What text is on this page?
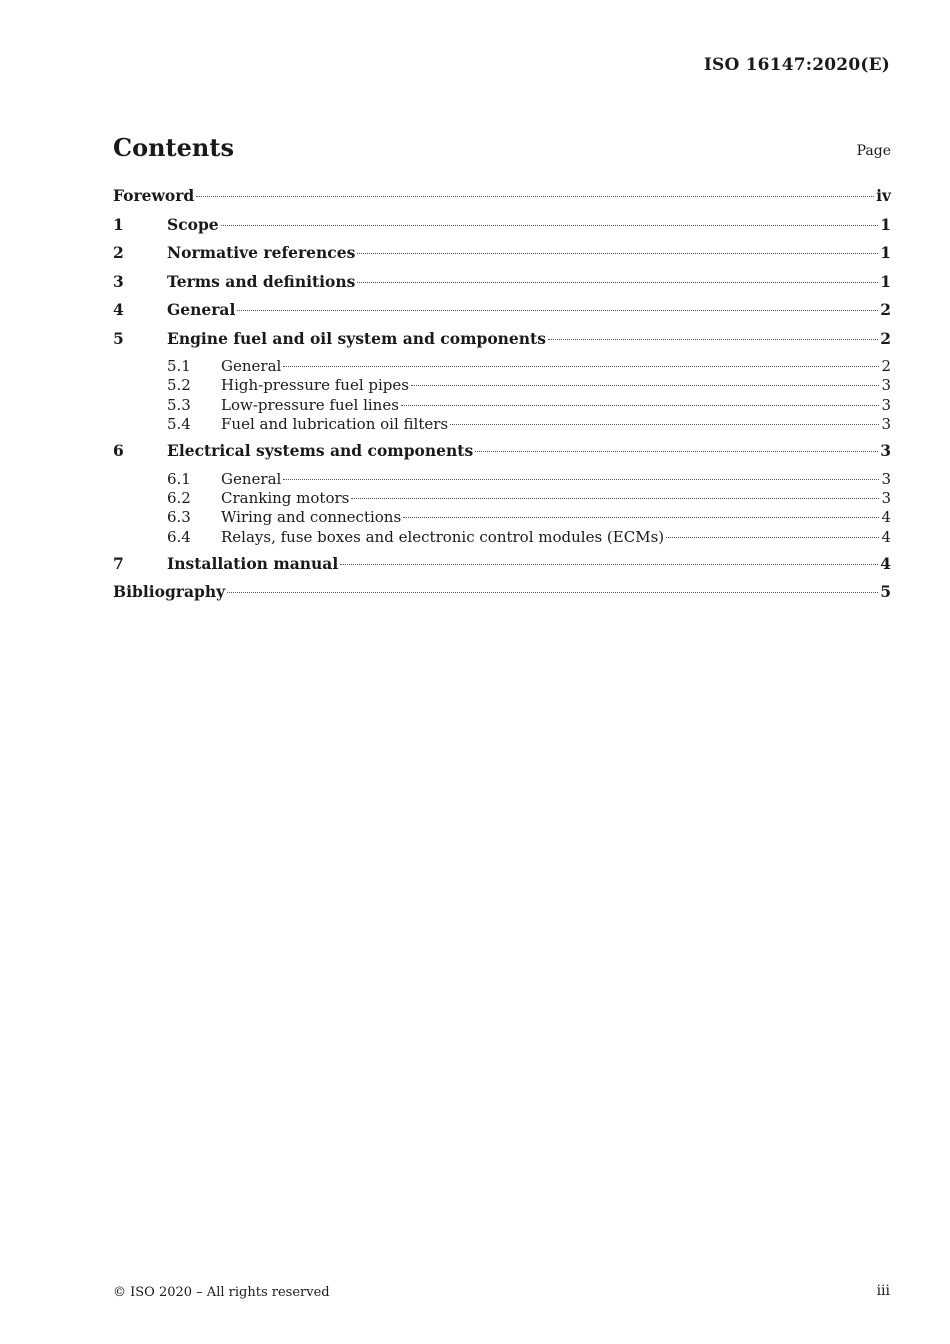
ISO 16147:2020(E)
Contents	Page
Foreword	iv
1	Scope	1
2	Normative references	1
3	Terms and definitions	1
4	General	2
5	Engine fuel and oil system and components	2
5.1	General	2
5.2	High-pressure fuel pipes	3
5.3	Low-pressure fuel lines	3
5.4	Fuel and lubrication oil filters	3
6	Electrical systems and components	3
6.1	General	3
6.2	Cranking motors	3
6.3	Wiring and connections	4
6.4	Relays, fuse boxes and electronic control modules (ECMs)	4
7	Installation manual	4
Bibliography	5
© ISO 2020 – All rights reserved	iii
